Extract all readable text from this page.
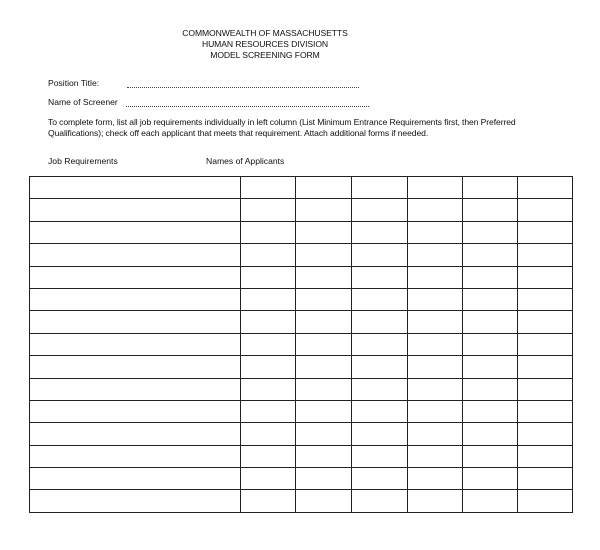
COMMONWEALTH OF MASSACHUSETTS
HUMAN RESOURCES DIVISION
MODEL SCREENING FORM
Position Title:
Name of Screener
To complete form, list all job requirements individually in left column (List Minimum Entrance Requirements first, then Preferred Qualifications); check off each applicant that meets that requirement. Attach additional forms if needed.
Job Requirements	Names of Applicants
